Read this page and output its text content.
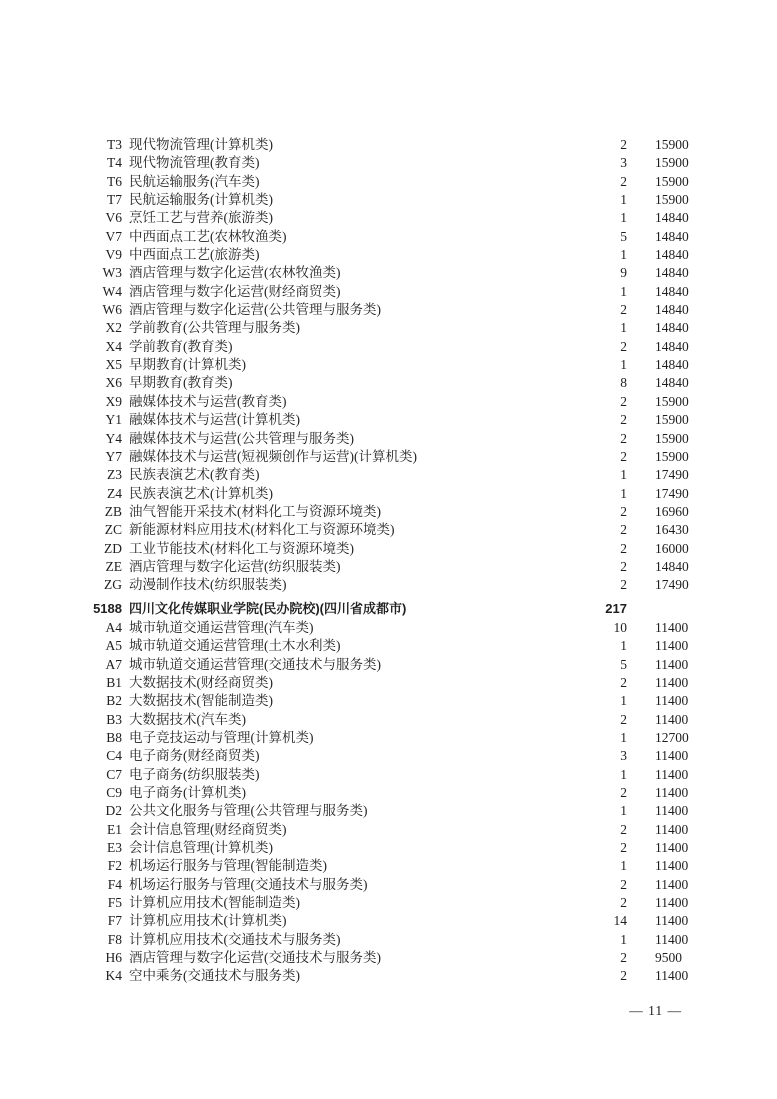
T3 现代物流管理(计算机类)	2 15900
T4 现代物流管理(教育类)	3 15900
T6 民航运输服务(汽车类)	2 15900
T7 民航运输服务(计算机类)	1 15900
V6 烹饪工艺与营养(旅游类)	1 14840
V7 中西面点工艺(农林牧渔类)	5 14840
V9 中西面点工艺(旅游类)	1 14840
W3 酒店管理与数字化运营(农林牧渔类)	9 14840
W4 酒店管理与数字化运营(财经商贸类)	1 14840
W6 酒店管理与数字化运营(公共管理与服务类)	2 14840
X2 学前教育(公共管理与服务类)	1 14840
X4 学前教育(教育类)	2 14840
X5 早期教育(计算机类)	1 14840
X6 早期教育(教育类)	8 14840
X9 融媒体技术与运营(教育类)	2 15900
Y1 融媒体技术与运营(计算机类)	2 15900
Y4 融媒体技术与运营(公共管理与服务类)	2 15900
Y7 融媒体技术与运营(短视频创作与运营)(计算机类)	2 15900
Z3 民族表演艺术(教育类)	1 17490
Z4 民族表演艺术(计算机类)	1 17490
ZB 油气智能开采技术(材料化工与资源环境类)	2 16960
ZC 新能源材料应用技术(材料化工与资源环境类)	2 16430
ZD 工业节能技术(材料化工与资源环境类)	2 16000
ZE 酒店管理与数字化运营(纺织服装类)	2 14840
ZG 动漫制作技术(纺织服装类)	2 17490
5188 四川文化传媒职业学院(民办院校)(四川省成都市)	217
A4 城市轨道交通运营管理(汽车类)	10 11400
A5 城市轨道交通运营管理(土木水利类)	1 11400
A7 城市轨道交通运营管理(交通技术与服务类)	5 11400
B1 大数据技术(财经商贸类)	2 11400
B2 大数据技术(智能制造类)	1 11400
B3 大数据技术(汽车类)	2 11400
B8 电子竞技运动与管理(计算机类)	1 12700
C4 电子商务(财经商贸类)	3 11400
C7 电子商务(纺织服装类)	1 11400
C9 电子商务(计算机类)	2 11400
D2 公共文化服务与管理(公共管理与服务类)	1 11400
E1 会计信息管理(财经商贸类)	2 11400
E3 会计信息管理(计算机类)	2 11400
F2 机场运行服务与管理(智能制造类)	1 11400
F4 机场运行服务与管理(交通技术与服务类)	2 11400
F5 计算机应用技术(智能制造类)	2 11400
F7 计算机应用技术(计算机类)	14 11400
F8 计算机应用技术(交通技术与服务类)	1 11400
H6 酒店管理与数字化运营(交通技术与服务类)	2 9500
K4 空中乘务(交通技术与服务类)	2 11400
— 11 —
